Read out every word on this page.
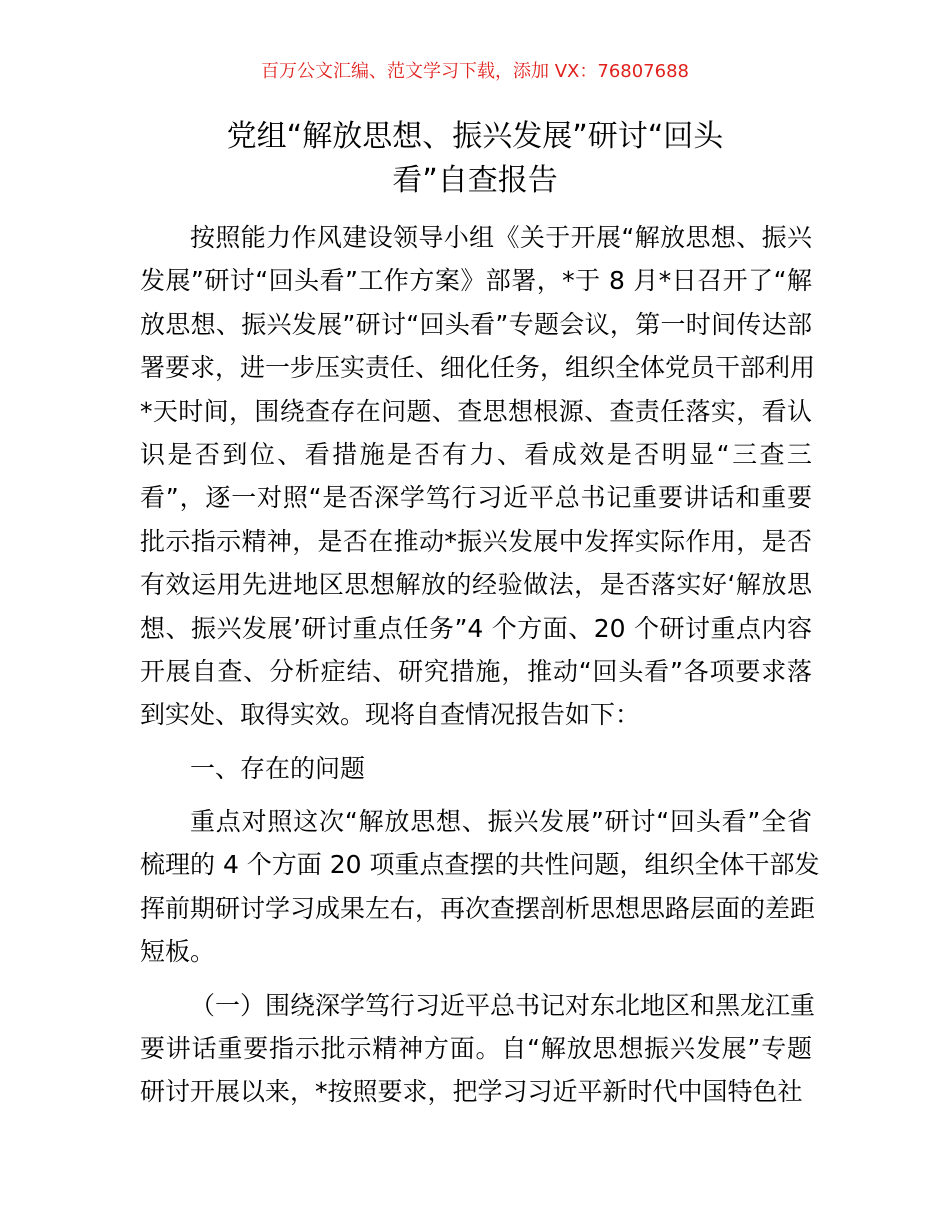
百万公文汇编、范文学习下载，添加 VX：76807688
党组“解放思想、振兴发展”研讨“回头
看”自查报告
按照能力作风建设领导小组《关于开展“解放思想、振兴
发展”研讨“回头看”工作方案》部署，*于 8 月*日召开了“解
放思想、振兴发展”研讨“回头看”专题会议，第一时间传达部
署要求，进一步压实责任、细化任务，组织全体党员干部利用
*天时间，围绕查存在问题、查思想根源、查责任落实，看认
识是否到位、看措施是否有力、看成效是否明显“三查三
看”，逐一对照“是否深学笃行习近平总书记重要讲话和重要
批示指示精神，是否在推动*振兴发展中发挥实际作用，是否
有效运用先进地区思想解放的经验做法，是否落实好‘解放思
想、振兴发展’研讨重点任务”4 个方面、20 个研讨重点内容
开展自查、分析症结、研究措施，推动“回头看”各项要求落
到实处、取得实效。现将自查情况报告如下：
一、存在的问题
重点对照这次“解放思想、振兴发展”研讨“回头看”全省
梳理的 4 个方面 20 项重点查摆的共性问题，组织全体干部发
挥前期研讨学习成果左右，再次查摆剖析思想思路层面的差距
短板。
（一）围绕深学笃行习近平总书记对东北地区和黑龙江重
要讲话重要指示批示精神方面。自“解放思想振兴发展”专题
研讨开展以来，*按照要求，把学习习近平新时代中国特色社
